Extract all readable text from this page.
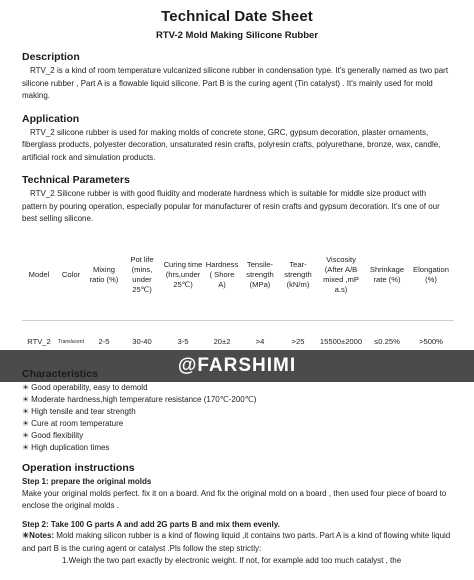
Technical Date Sheet
RTV-2 Mold Making Silicone Rubber
Description

RTV_2 is a kind of room temperature vulcanized silicone rubber in condensation type. It's generally named as two part silicone rubber , Part A is a flowable liquid silicone. Part B is the curing agent (Tin catalyst) . It's mainly used for mold making.

Application

RTV_2 silicone rubber is used for making molds of concrete stone, GRC, gypsum decoration, plaster ornaments, fiberglass products, polyester decoration, unsaturated resin crafts, polyresin crafts, polyurethane, bronze, wax, candle, artificial rock and simulation products.

Technical Parameters

RTV_2 Silicone rubber is with good fluidity and moderate hardness which is suitable for middle size product with pattern by pouring operation, especially popular for manufacturer of resin crafts and gypsum decoration. It's one of our best selling silicone.

Model	Color	Mixing ratio (%)	Pot life (mins, under 25℃)	Curing time (hrs,under 25℃)	Hardness ( Shore A)	Tensile-strength (MPa)	Tear-strength (kN/m)	Viscosity (After A/B mixed ,mP a.s)	Shrinkage rate (%)	Elongation (%)
RTV_2	Translucent	2-5	30-40	3-5	20±2	>4	>25	15500±2000	≤0.25%	>500%
@FARSHIMI
Characteristics
☀ Good operability, easy to demold
☀ Moderate hardness,high temperature resistance (170℃-200℃)
☀ High tensile and tear strength
☀ Cure at room temperature
☀ Good flexibility
☀ High duplication times
Operation instructions
Step 1: prepare the original molds

Make your original molds perfect. fix it on a board. And fix the original mold on a board , then used four piece of board to enclose the original molds .

Step 2: Take 100 G parts A and add 2G parts B and mix them evenly.

☀Notes: Mold making silicon rubber is a kind of flowing liquid ,it contains two parts. Part A is a kind of flowing white liquid and part B is the curing agent or catalyst .Pls follow the step strictly:

1.Weigh the two part exactly by electronic weight. If not, for example add too much catalyst , the
